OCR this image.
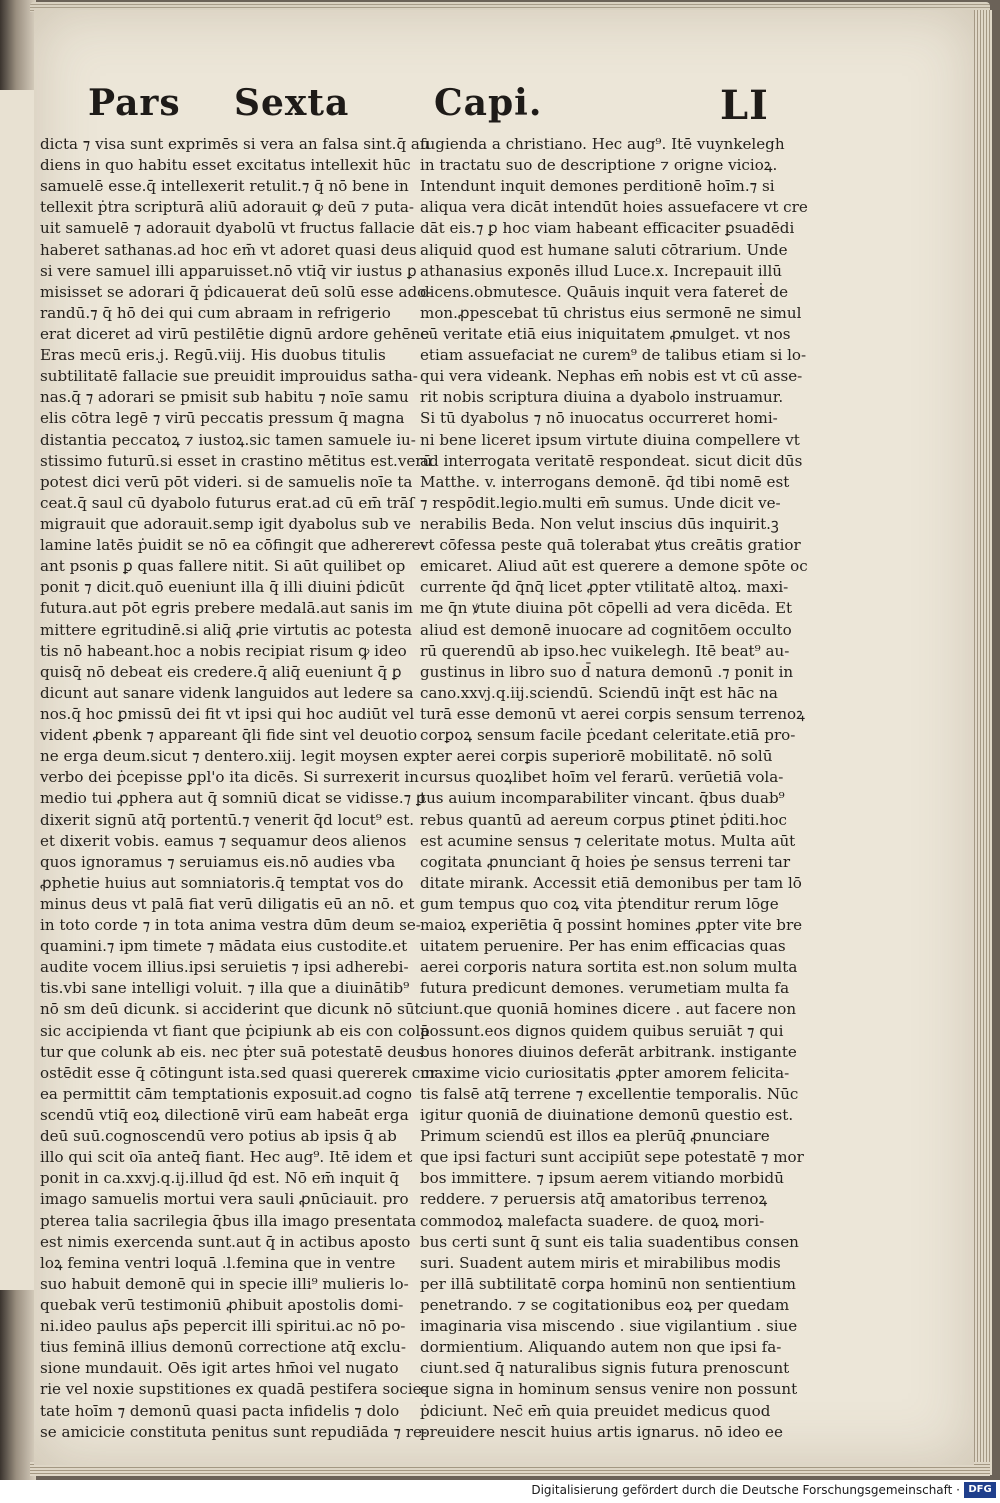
Pars Sexta Capi.	LI
dicta ⁊ visa sunt exprimēs si vera an falsa sint.q̄ au
diens in quo habitu esset excitatus intellexit hūc
samuelē esse.q̄ intellexerit retulit.⁊ q̄ nō bene in
tellexit ṗtra scripturā aliū adorauit ꝙ deū ⁊ puta-
uit samuelē ⁊ adorauit dyabolū vt fructus fallacie
haberet sathanas.ad hoc em̄ vt adoret quasi deus
si vere samuel illi apparuisset.nō vtiq̄ vir iustus ꝑ
misisset se adorari q̄ ṗdicauerat deū solū esse ado-
randū.⁊ q̄ hō dei qui cum abraam in refrigerio
erat diceret ad virū pestilētie dignū ardore gehēne
Eras mecū eris.j. Regū.viij. His duobus titulis
subtilitatē fallacie sue preuidit improuidus satha-
nas.q̄ ⁊ adorari se pmisit sub habitu ⁊ noīe samu
elis cōtra legē ⁊ virū peccatis pressum q̄ magna
distantia peccatoꝝ ⁊ iustoꝝ.sic tamen samuele iu-
stissimo futurū.si esset in crastino mētitus est.verū
potest dici verū pōt videri. si de samuelis noīe ta
ceat.q̄ saul cū dyabolo futurus erat.ad cū em̄ trāſ
migrauit que adorauit.semp igit dyabolus sub ve
lamine latēs ṗuidit se nō ea cōfingit que adherere-
ant psonis ꝑ quas fallere nitit. Si aūt quilibet op
ponit ⁊ dicit.quō eueniunt illa q̄ illi diuini ṗdicūt
futura.aut pōt egris prebere medalā.aut sanis im
mittere egritudinē.si aliq̄ ꝓrie virtutis ac potesta
tis nō habeant.hoc a nobis recipiat risum ꝙ ideo
quisq̄ nō debeat eis credere.q̄ aliq̄ eueniunt q̄ ꝑ
dicunt aut sanare videnk languidos aut ledere sa
nos.q̄ hoc ꝑmissū dei fit vt ipsi qui hoc audiūt vel
vident ꝓbenk ⁊ appareant q̄li fide sint vel deuotio
ne erga deum.sicut ⁊ dentero.xiij. legit moysen ex
verbo dei ṗcepisse ꝑpl'o ita dicēs. Si surrexerit in
medio tui ꝓphera aut q̄ somniū dicat se vidisse.⁊ ꝑ
dixerit signū atq̄ portentū.⁊ venerit q̄d locut⁹ est.
et dixerit vobis. eamus ⁊ sequamur deos alienos
quos ignoramus ⁊ seruiamus eis.nō audies vba
ꝓphetie huius aut somniatoris.q̄ temptat vos do
minus deus vt palā fiat verū diligatis eū an nō. et
in toto corde ⁊ in tota anima vestra dūm deum se-
quamini.⁊ ipm timete ⁊ mādata eius custodite.et
audite vocem illius.ipsi seruietis ⁊ ipsi adherebi-
tis.vbi sane intelligi voluit. ⁊ illa que a diuinātib⁹
nō sm deū dicunk. si acciderint que dicunk nō sūt
sic accipienda vt fiant que ṗcipiunk ab eis con colā
tur que colunk ab eis. nec ṗter suā potestatē deus
ostēdit esse q̄ cōtingunt ista.sed quasi quererek cur
ea permittit cām temptationis exposuit.ad cogno
scendū vtiq̄ eoꝝ dilectionē virū eam habeāt erga
deū suū.cognoscendū vero potius ab ipsis q̄ ab
illo qui scit oīa anteq̄ fiant. Hec aug⁹. Itē idem et
ponit in ca.xxvj.q.ij.illud q̄d est. Nō em̄ inquit q̄
imago samuelis mortui vera sauli ꝓnūciauit. pro
pterea talia sacrilegia q̄bus illa imago presentata
est nimis exercenda sunt.aut q̄ in actibus aposto
loꝝ femina ventri loquā .l.femina que in ventre
suo habuit demonē qui in specie illi⁹ mulieris lo-
quebak verū testimoniū ꝓhibuit apostolis domi-
ni.ideo paulus ap̄s pepercit illi spiritui.ac nō po-
tius feminā illius demonū correctione atq̄ exclu-
sione mundauit. Oēs igit artes hm̄oi vel nugato
rie vel noxie supstitiones ex quadā pestifera socie-
tate hoīm ⁊ demonū quasi pacta infidelis ⁊ dolo
se amicicie constituta penitus sunt repudiāda ⁊ re-
fugienda a christiano. Hec aug⁹. Itē vuynkelegh
in tractatu suo de descriptione ⁊ origne vicioꝝ.
Intendunt inquit demones perditionē hoīm.⁊ si
aliqua vera dicāt intendūt hoies assuefacere vt cre
dāt eis.⁊ ꝑ hoc viam habeant efficaciter ꝑsuadēdi
aliquid quod est humane saluti cōtrarium. Unde
athanasius exponēs illud Luce.x. Increpauit illū
dicens.obmutesce. Quāuis inquit vera fatereṫ de
mon.ꝓpescebat tū christus eius sermonē ne simul
cū veritate etiā eius iniquitatem ꝓmulget. vt nos
etiam assuefaciat ne curem⁹ de talibus etiam si lo-
qui vera videank. Nephas em̄ nobis est vt cū asse-
rit nobis scriptura diuina a dyabolo instruamur.
Si tū dyabolus ⁊ nō inuocatus occurreret homi-
ni bene liceret ipsum virtute diuina compellere vt
ad interrogata veritatē respondeat. sicut dicit dūs
Matthe. v. interrogans demonē. q̄d tibi nomē est
⁊ respōdit.legio.multi em̄ sumus. Unde dicit ve-
nerabilis Beda. Non velut inscius dūs inquirit.ꝫ
vt cōfessa peste quā tolerabat ꝟtus creātis gratior
emicaret. Aliud aūt est querere a demone spōte oc
currente q̄d q̄nq̄ licet ꝓpter vtilitatē altoꝝ. maxi-
me q̄n ꝟtute diuina pōt cōpelli ad vera dicēda. Et
aliud est demonē inuocare ad cognitōem occulto
rū querendū ab ipso.hec vuikelegh. Itē beat⁹ au-
gustinus in libro suo d̄ natura demonū .⁊ ponit in
cano.xxvj.q.iij.sciendū. Sciendū inq̄t est hāc na
turā esse demonū vt aerei corꝑis sensum terrenoꝝ
corꝑoꝝ sensum facile ṗcedant celeritate.etiā pro-
pter aerei corꝑis superiorē mobilitatē. nō solū
cursus quoꝝlibet hoīm vel ferarū. verūetiā vola-
tus auium incomparabiliter vincant. q̄bus duab⁹
rebus quantū ad aereum corpus ꝑtinet ṗditi.hoc
est acumine sensus ⁊ celeritate motus. Multa aūt
cogitata ꝓnunciant q̄ hoies ṗe sensus terreni tar
ditate mirank. Accessit etiā demonibus per tam lō
gum tempus quo coꝝ vita ṗtenditur rerum lōge
maioꝝ experiētia q̄ possint homines ꝓpter vite bre
uitatem peruenire. Per has enim efficacias quas
aerei corꝑoris natura sortita est.non solum multa
futura predicunt demones. verumetiam multa fa
ciunt.que quoniā homines dicere . aut facere non
possunt.eos dignos quidem quibus seruiāt ⁊ qui
bus honores diuinos deferāt arbitrank. instigante
maxime vicio curiositatis ꝓpter amorem felicita-
tis falsē atq̄ terrene ⁊ excellentie temporalis. Nūc
igitur quoniā de diuinatione demonū questio est.
Primum sciendū est illos ea plerūq̄ ꝓnunciare
que ipsi facturi sunt accipiūt sepe potestatē ⁊ mor
bos immittere. ⁊ ipsum aerem vitiando morbidū
reddere. ⁊ peruersis atq̄ amatoribus terrenoꝝ
commodoꝝ malefacta suadere. de quoꝝ mori-
bus certi sunt q̄ sunt eis talia suadentibus consen
suri. Suadent autem miris et mirabilibus modis
per illā subtilitatē corꝑa hominū non sentientium
penetrando. ⁊ se cogitationibus eoꝝ per quedam
imaginaria visa miscendo . siue vigilantium . siue
dormientium. Aliquando autem non que ipsi fa-
ciunt.sed q̄ naturalibus signis futura prenoscunt
que signa in hominum sensus venire non possunt
ṗdiciunt. Nec̄ em̄ quia preuidet medicus quod
preuidere nescit huius artis ignarus. nō ideo ee
Digitalisierung gefördert durch die Deutsche Forschungsgemeinschaft · DFG
